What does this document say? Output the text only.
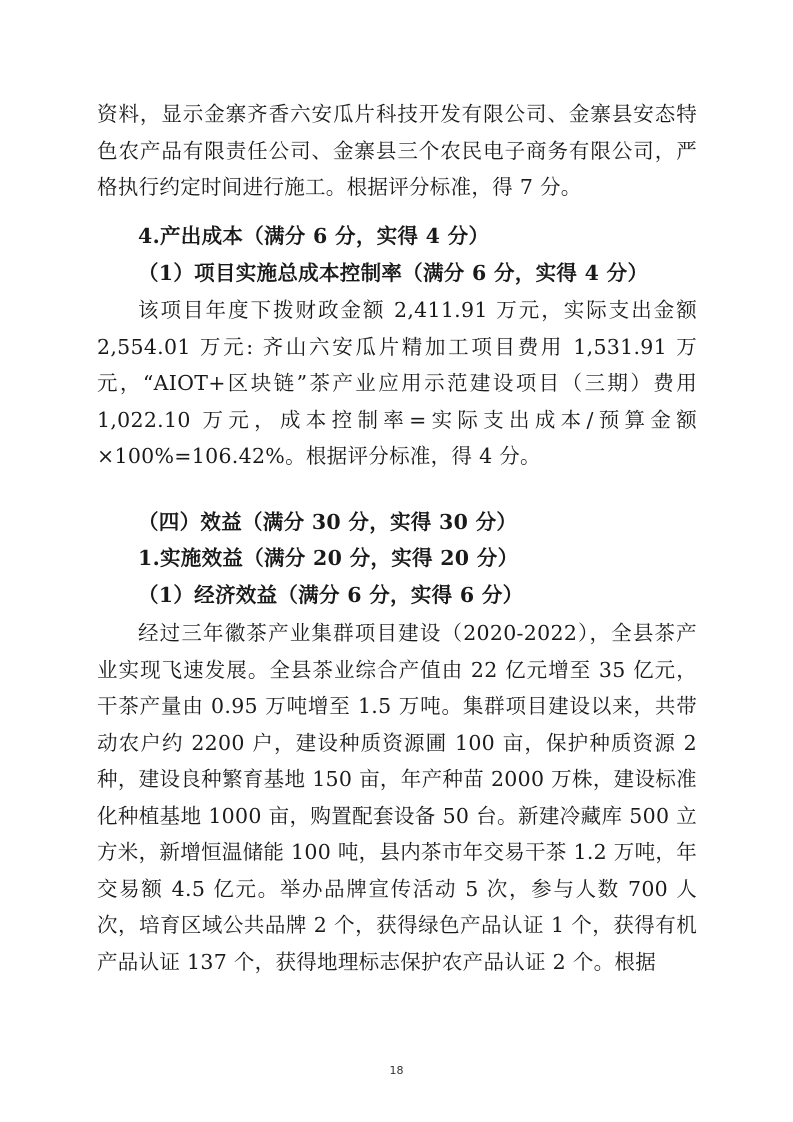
资料，显示金寨齐香六安瓜片科技开发有限公司、金寨县安态特色农产品有限责任公司、金寨县三个农民电子商务有限公司，严格执行约定时间进行施工。根据评分标准，得 7 分。

4.产出成本（满分 6 分，实得 4 分）

（1）项目实施总成本控制率（满分 6 分，实得 4 分）

该项目年度下拨财政金额 2,411.91 万元，实际支出金额 2,554.01 万元: 齐山六安瓜片精加工项目费用 1,531.91 万元，“AIOT+区块链”茶产业应用示范建设项目（三期）费用 1,022.10 万元，成本控制率=实际支出成本/预算金额×100%=106.42%。根据评分标准，得 4 分。

（四）效益（满分 30 分，实得 30 分）

1.实施效益（满分 20 分，实得 20 分）

（1）经济效益（满分 6 分，实得 6 分）

经过三年徽茶产业集群项目建设（2020-2022），全县茶产业实现飞速发展。全县茶业综合产值由 22 亿元增至 35 亿元，干茶产量由 0.95 万吨增至 1.5 万吨。集群项目建设以来，共带动农户约 2200 户，建设种质资源圃 100 亩，保护种质资源 2 种，建设良种繁育基地 150 亩，年产种苗 2000 万株，建设标准化种植基地 1000 亩，购置配套设备 50 台。新建冷藏库 500 立方米，新增恒温储能 100 吨，县内茶市年交易干茶 1.2 万吨，年交易额 4.5 亿元。举办品牌宣传活动 5 次，参与人数 700 人次，培育区域公共品牌 2 个，获得绿色产品认证 1 个，获得有机产品认证 137 个，获得地理标志保护农产品认证 2 个。根据

18
